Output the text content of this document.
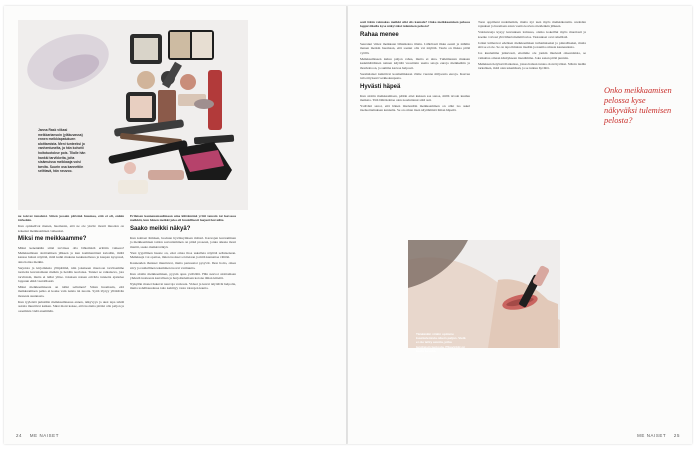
Janna Rask viikasi meikkariansoin (yläkuvassa) ennen meikkiapatukuen aloittamista. Meni tunteeksi jo vanhentunelta, ja hän kohotti hoitotuotokse pois. Tilalle hän hankki tarvikkeita, joita sisämuissa meikkaaja voisi tarvita. Suurin osa kannettiin selittavä, hän neuvoo.

ne toisvat tunaloisi. Sitten jossain päivänä huomaa, että ei oli, enään tärkeään.

Kun opiskelivat menen, huomasin, että ne ole ykväs: monti muodon on kokenut meikkaamisen vaikeaksi.

Miksi me meikkaamme?

Miksi kenenkään siinä tarvitsee olla lähtemistä erittäin vaikeaa? Meikkaamisen aloittamisen jälkeen ja kun kommenttiani kuvailin, miltä kanssa halusi näyttää, mitä kulki mukana keskustellessa ja kaupan kysyessä, aina hoitaa meikin.

Sarjoista ja kirjoituksia ylläpitämä, niin jokaiseen muotoon tarvitsemme tuotteita kuvastamaan meikin ja heidän teoriansa. Tunnet se ratkaiseva, jota tarvitsisin, mutta ei tullut ylitse. Jokaisen naisen eriväria tunnetta ajattelee loppuun ehkä vaarallisesti.

Miksi meikkaamisesta on tullut sellainen? Sitten huomasin, että meikkaamisen pelko ei koske vain naisia tai nuoria. Syitä löytyy yllättävän monesta suunnasta.

Kun tyyleistä puhuttiin meikkaamisessa ennen, näkyvyys ja uusi tapa tehdä asioita muuttivat kaiken. Siksi moni kokee, että tuotteita pitäisi olla paljon ja osaamista vielä enemmän.

Erilaisen kauneusmaailmaan aina kiittämänä yritti tanssin tai laavassa meikkiä, kun hänen meikki joka oli huolellisesti laajasti kuvailtu.

Saako meikki näkyä?

Kun kohtaat ihmisen, luodaan hyväksymisen mittari. Kasvojen kuvaaminen ja meikkaamisen taidon saavuttaminen on pitkä prosessi, jonka aikana moni miettii, saako meikki näkyä.

Yksi tyypillinen haaste on, ettei omaa ihoa uskalleta näyttää sellaisenaan. Meikkaaja voi opettaa, miten tuotteet sovitetaan ja mitä kannattaa välttää.

Kauneuden ihanteet muuttuvat, mutta perusasiat pysyvät. Ihon hoito, oikea sävy ja rauhallinen tekeminen tuovat varmuutta.

Kun aloitin meikkaamisen, pyysin apua ystävältä. Hän neuvoi aloittamaan yhdestä tuotteesta kerrallaan ja harjoittelemaan kotona ilman kiirettä.

Nykyään monet hakevat neuvoja verkosta. Videot ja kuvat näyttävät helpolta, mutta todellisuudessa taito kehittyy vasta toistojen kautta.

24 ME NAISET

sesti itään voimakas meikki olisi siis kamala? Onko meikkaamisen pelossa loppuviikolla kyse näkyväksi tulemisen pelosta?

Rahaa menee

Seuranut viikot meikkaan lähiaikoina tilattu. Lähtötasti ilkka eeasti ja nähtiin menen merkin huomaan, että saanut olla vai näyttää. Taulu on ilkkaa pitää vyöllä.

Meikkaamiseen kuluu paljon rahaa, mutta ei aina. Tutkimusten mukaan keskimääräinen nainen käyttää vuosittain useita satoja euroja meikkeihin ja ihonhoitoon, ja summa kasvaa helposti.

Suomalaiset kuluttivat kosmetiikkaan viime vuonna miljoonia euroja. Kasvua tuli erityisesti verkkokaupasta.

Hyvästi häpeä

Kun aloitin meikkaamisen, päätin ettei kukaan saa sanoa, millä tavoin kuuluu meikata. Tätä lähtökohtaa olen noudattanut siitä asti.

Ystäväni sanoi, että hänen mielestään meikkaaminen on ollut iso askel itseluottamuksen kannalta. Se on oman itsen näyttämistä ilman häpeää.

Tuon oppimani nudemeikin, mutta nyt teen myös meikkikonsiin. unohdan rajaukset ja huomaan asian vaatia kovien otteidenkin jälkeen.

Valokuvaaja kysyy kuvauksen lomassa, oletko kokeillut myös muotiasti ja koetko voivasi yhä lähteä meikittä ulos. Vastaukset ovat rehellisiä.

Jotkut leimaavat edelleen meikkaamisen turhamaiseksi ja pinnalliseksi, mutta sitä se ei ole. Se on tapa ilmaista itseään ja nauttia omasta kauneudesta.

Jos kuulemme jatkuvasti, ettemme ole jonkin mielestä oikeanlaisia, se vaikuttaa omaan käsitykseen itsestämme. Joka sanan pitää punnita.

Meikkaan tietyissä tilanteissa, joissa haluan tuntea oloni hyväksi. Silloin tiedän tarkalleen, mitä olen tekemässä, ja se tuntuu hyvältä.

Onko meikkaamisen pelossa kyse näkyväksi tulemisen pelosta?
Tänäänkin vinkin opimme kuuntelemista oikein paljon. Vielä ei ole tehty asioita, jotka tarvitsisin tuotosta. Pikavinkki on lisätä kevättä.
ME NAISET 25
